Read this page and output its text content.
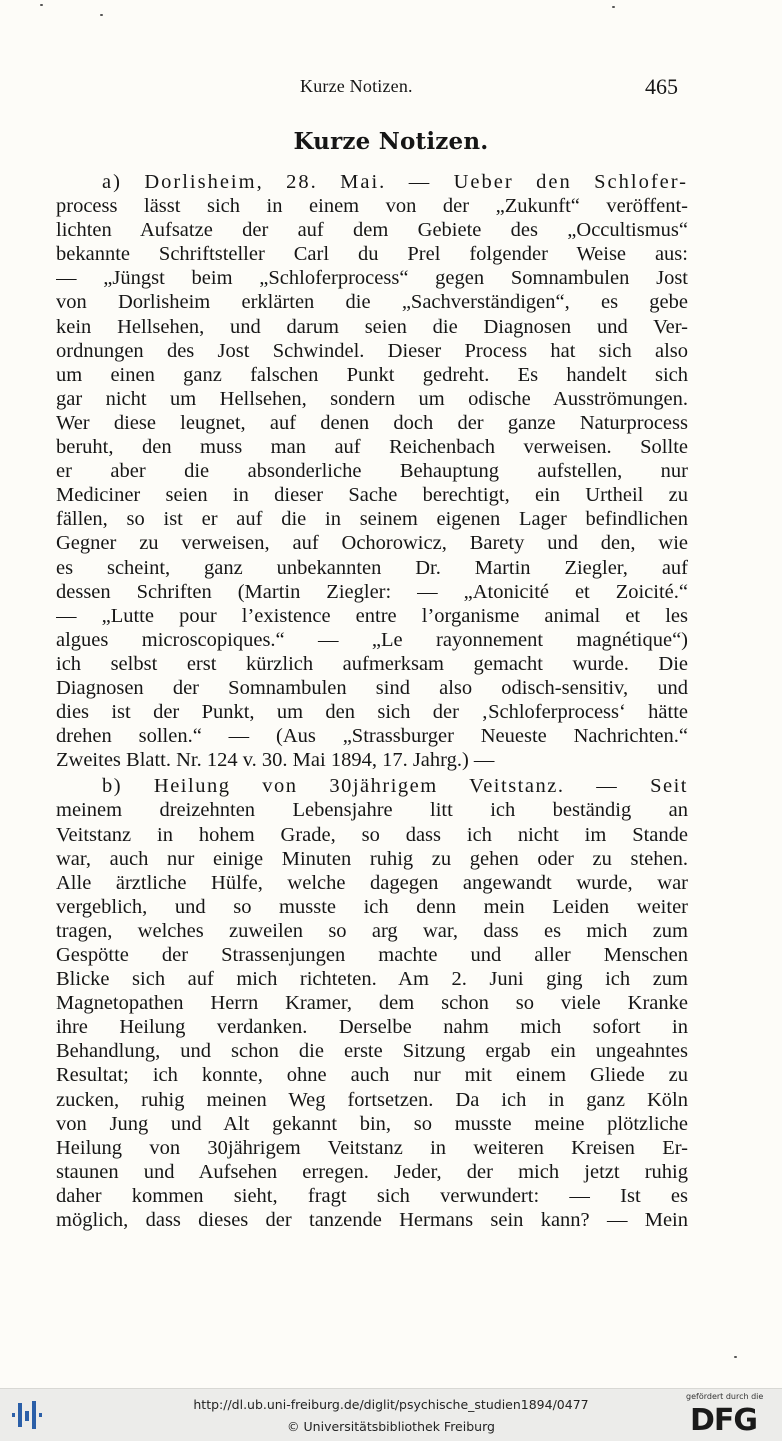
Kurze Notizen.	465
Kurze Notizen.
a) Dorlisheim, 28. Mai. — Ueber den Schlofer-
process lässt sich in einem von der „Zukunft“ veröffent-
lichten Aufsatze der auf dem Gebiete des „Occultismus“
bekannte Schriftsteller Carl du Prel folgender Weise aus:
— „Jüngst beim „Schloferprocess“ gegen Somnambulen Jost
von Dorlisheim erklärten die „Sachverständigen“, es gebe
kein Hellsehen, und darum seien die Diagnosen und Ver-
ordnungen des Jost Schwindel. Dieser Process hat sich also
um einen ganz falschen Punkt gedreht. Es handelt sich
gar nicht um Hellsehen, sondern um odische Ausströmungen.
Wer diese leugnet, auf denen doch der ganze Naturprocess
beruht, den muss man auf Reichenbach verweisen. Sollte
er aber die absonderliche Behauptung aufstellen, nur
Mediciner seien in dieser Sache berechtigt, ein Urtheil zu
fällen, so ist er auf die in seinem eigenen Lager befindlichen
Gegner zu verweisen, auf Ochorowicz, Barety und den, wie
es scheint, ganz unbekannten Dr. Martin Ziegler, auf
dessen Schriften (Martin Ziegler: — „Atonicité et Zoicité.“
— „Lutte pour l’existence entre l’organisme animal et les
algues microscopiques.“ — „Le rayonnement magnétique“)
ich selbst erst kürzlich aufmerksam gemacht wurde. Die
Diagnosen der Somnambulen sind also odisch-sensitiv, und
dies ist der Punkt, um den sich der ‚Schloferprocess‘ hätte
drehen sollen.“ — (Aus „Strassburger Neueste Nachrichten.“
Zweites Blatt. Nr. 124 v. 30. Mai 1894, 17. Jahrg.) —
b) Heilung von 30jährigem Veitstanz. — Seit
meinem dreizehnten Lebensjahre litt ich beständig an
Veitstanz in hohem Grade, so dass ich nicht im Stande
war, auch nur einige Minuten ruhig zu gehen oder zu stehen.
Alle ärztliche Hülfe, welche dagegen angewandt wurde, war
vergeblich, und so musste ich denn mein Leiden weiter
tragen, welches zuweilen so arg war, dass es mich zum
Gespötte der Strassenjungen machte und aller Menschen
Blicke sich auf mich richteten. Am 2. Juni ging ich zum
Magnetopathen Herrn Kramer, dem schon so viele Kranke
ihre Heilung verdanken. Derselbe nahm mich sofort in
Behandlung, und schon die erste Sitzung ergab ein ungeahntes
Resultat; ich konnte, ohne auch nur mit einem Gliede zu
zucken, ruhig meinen Weg fortsetzen. Da ich in ganz Köln
von Jung und Alt gekannt bin, so musste meine plötzliche
Heilung von 30jährigem Veitstanz in weiteren Kreisen Er-
staunen und Aufsehen erregen. Jeder, der mich jetzt ruhig
daher kommen sieht, fragt sich verwundert: — Ist es
möglich, dass dieses der tanzende Hermans sein kann? — Mein
http://dl.ub.uni-freiburg.de/diglit/psychische_studien1894/0477
© Universitätsbibliothek Freiburg
gefördert durch die
DFG
